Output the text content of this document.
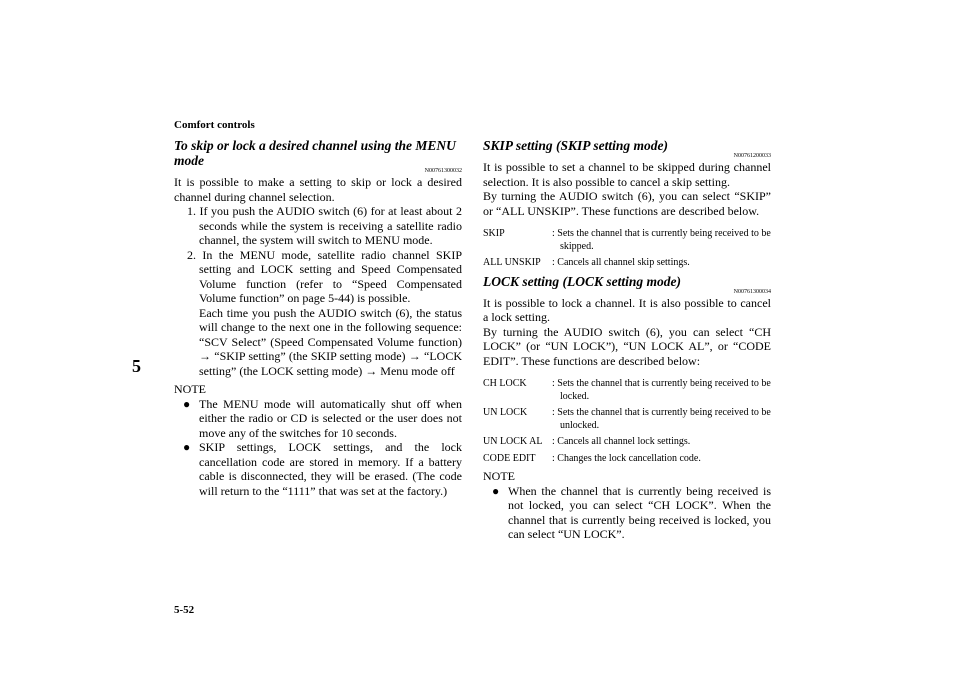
Comfort controls
5
5-52
To skip or lock a desired channel using the MENU mode
N00761300032

It is possible to make a setting to skip or lock a desired channel during channel selection.

1. If you push the AUDIO switch (6) for at least about 2 seconds while the system is receiving a satellite radio channel, the system will switch to MENU mode.

2. In the MENU mode, satellite radio channel SKIP setting and LOCK setting and Speed Compensated Volume function (refer to “Speed Compensated Volume function” on page 5-44) is possible.

Each time you push the AUDIO switch (6), the status will change to the next one in the following sequence: “SCV Select” (Speed Compensated Volume function) → “SKIP setting” (the SKIP setting mode) → “LOCK setting” (the LOCK setting mode) → Menu mode off

NOTE

● The MENU mode will automatically shut off when either the radio or CD is selected or the user does not move any of the switches for 10 seconds.

● SKIP settings, LOCK settings, and the lock cancellation code are stored in memory. If a battery cable is disconnected, they will be erased. (The code will return to the “1111” that was set at the factory.)

SKIP setting (SKIP setting mode)
N00761200033

It is possible to set a channel to be skipped during channel selection. It is also possible to cancel a skip setting.

By turning the AUDIO switch (6), you can select “SKIP” or “ALL UNSKIP”. These functions are described below.

SKIP	: Sets the channel that is currently being received to be skipped.
ALL UNSKIP : Cancels all channel skip settings.
LOCK setting (LOCK setting mode)
N00761300034

It is possible to lock a channel. It is also possible to cancel a lock setting.

By turning the AUDIO switch (6), you can select “CH LOCK” (or “UN LOCK”), “UN LOCK AL”, or “CODE EDIT”. These functions are described below:

CH LOCK	: Sets the channel that is currently being received to be locked.
UN LOCK : Sets the channel that is currently being received to be unlocked.
UN LOCK AL : Cancels all channel lock settings.
CODE EDIT : Changes the lock cancellation code.
NOTE

● When the channel that is currently being received is not locked, you can select “CH LOCK”. When the channel that is currently being received is locked, you can select “UN LOCK”.
